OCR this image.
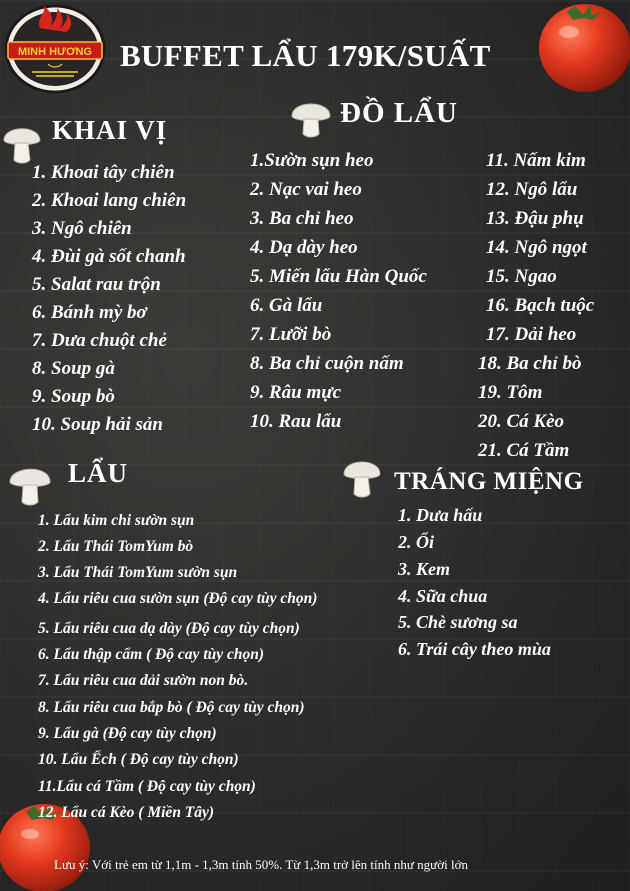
MINH HƯƠNG BUFFET LẨU 179K/SUẤT
KHAI VỊ
ĐỒ LẨU
LẨU	TRÁNG MIỆNG
1. Khoai tây chiên
2. Khoai lang chiên
3. Ngô chiên
4. Đùi gà sốt chanh
5. Salat rau trộn
6. Bánh mỳ bơ
7. Dưa chuột chẻ
8. Soup gà
9. Soup bò
10. Soup hải sản
1.Sườn sụn heo
2. Nạc vai heo
3. Ba chỉ heo
4. Dạ dày heo
5. Miến lẩu Hàn Quốc
6. Gà lẩu
7. Lưỡi bò
8. Ba chỉ cuộn nấm
9. Râu mực
10. Rau lẩu
11. Nấm kim
12. Ngô lẩu
13. Đậu phụ
14. Ngô ngọt
15. Ngao
16. Bạch tuộc
17. Dải heo
18. Ba chỉ bò
19. Tôm
20. Cá Kèo
21. Cá Tầm
1. Lẩu kim chi sườn sụn
2. Lẩu Thái TomYum bò
3. Lẩu Thái TomYum sườn sụn
4. Lẩu riêu cua sườn sụn (Độ cay tùy chọn)
5. Lẩu riêu cua dạ dày (Độ cay tùy chọn)
6. Lẩu thập cẩm ( Độ cay tùy chọn)
7. Lẩu riêu cua dải sườn non bò.
8. Lẩu riêu cua bắp bò ( Độ cay tùy chọn)
9. Lẩu gà (Độ cay tùy chọn)
10. Lẩu Ếch ( Độ cay tùy chọn)
11.Lẩu cá Tầm ( Độ cay tùy chọn)
12. Lẩu cá Kèo ( Miền Tây)
1. Dưa hấu
2. Ổi
3. Kem
4. Sữa chua
5. Chè sương sa
6. Trái cây theo mùa
Lưu ý: Với trẻ em từ 1,1m - 1,3m tính 50%. Từ 1,3m trở lên tính như người lớn
